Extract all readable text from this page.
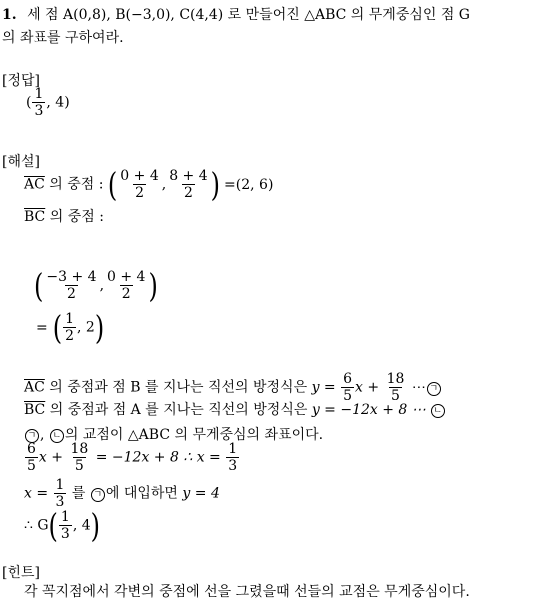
1. 세 점 A(0,8), B(−3,0), C(4,4) 로 만들어진 △ABC 의 무게중심인 점 G
의 좌표를 구하여라.
[정답]
( $\frac{1}{3}$ , 4)
[해설]
$\overline{AC}$ 의 중점 : ( $\frac{0 + 4}{2}$ , $\frac{8 + 4}{2}$ ) =(2, 6)
$\overline{BC}$ 의 중점 :
( $\frac{-3 + 4}{2}$ , $\frac{0 + 4}{2}$ )
= ( $\frac{1}{2}$ , 2)
$\overline{AC}$ 의 중점과 점 B 를 지나는 직선의 방정식은 $y = \frac{6}{5}$ $x + \frac{18}{5}$ ⋯ ㄱ
$\overline{BC}$ 의 중점과 점 A 를 지나는 직선의 방정식은 y = −12x + 8 ⋯ ㄴ
ㄱ , ㄴ 의 교점이 △ABC 의 무게중심의 좌표이다.
$\frac{6}{5}$ $x + \frac{18}{5} = -12x + 8$ ∴ $x = \frac{1}{3}$
$x = \frac{1}{3}$ 를 ㄱ 에 대입하면 y = 4
∴ $G( \frac{1}{3}$ , 4)
[힌트]
각 꼭지점에서 각변의 중점에 선을 그렸을때 선들의 교점은 무게중심이다.
